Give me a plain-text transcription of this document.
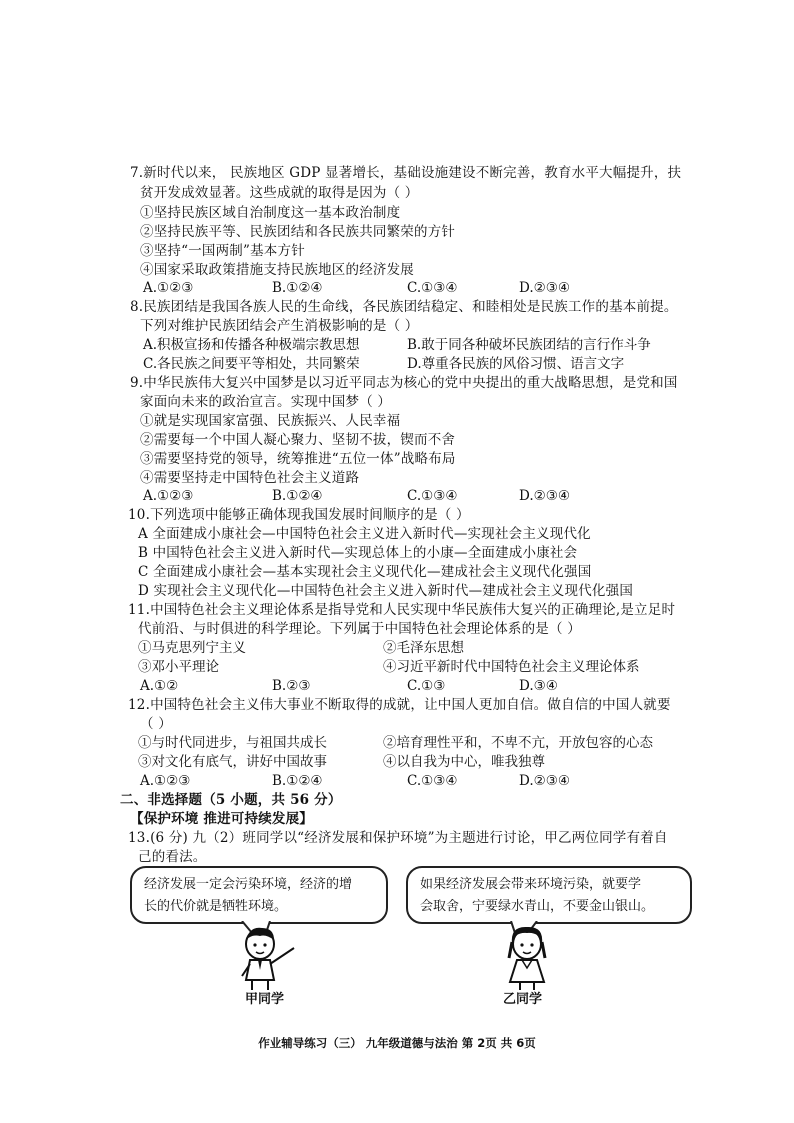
7.新时代以来， 民族地区 GDP 显著增长，基础设施建设不断完善，教育水平大幅提升，扶
贫开发成效显著。这些成就的取得是因为（ ）
①坚持民族区域自治制度这一基本政治制度
②坚持民族平等、民族团结和各民族共同繁荣的方针
③坚持“一国两制”基本方针
④国家采取政策措施支持民族地区的经济发展
A.①②③	B.①②④	C.①③④	D.②③④
8.民族团结是我国各族人民的生命线，各民族团结稳定、和睦相处是民族工作的基本前提。
下列对维护民族团结会产生消极影响的是（ ）
A.积极宣扬和传播各种极端宗教思想	B.敢于同各种破坏民族团结的言行作斗争
C.各民族之间要平等相处，共同繁荣	D.尊重各民族的风俗习惯、语言文字
9.中华民族伟大复兴中国梦是以习近平同志为核心的党中央提出的重大战略思想，是党和国
家面向未来的政治宣言。实现中国梦（ ）
①就是实现国家富强、民族振兴、人民幸福
②需要每一个中国人凝心聚力、坚韧不拔，锲而不舍
③需要坚持党的领导，统筹推进“五位一体”战略布局
④需要坚持走中国特色社会主义道路
A.①②③	B.①②④	C.①③④	D.②③④
10.下列选项中能够正确体现我国发展时间顺序的是（ ）
A 全面建成小康社会—中国特色社会主义进入新时代—实现社会主义现代化
B 中国特色社会主义进入新时代—实现总体上的小康—全面建成小康社会
C 全面建成小康社会—基本实现社会主义现代化—建成社会主义现代化强国
D 实现社会主义现代化—中国特色社会主义进入新时代—建成社会主义现代化强国
11.中国特色社会主义理论体系是指导党和人民实现中华民族伟大复兴的正确理论,是立足时
代前沿、与时俱进的科学理论。下列属于中国特色社会理论体系的是（ ）
①马克思列宁主义	②毛泽东思想
③邓小平理论	④习近平新时代中国特色社会主义理论体系
A.①②	B.②③	C.①③	D.③④
12.中国特色社会主义伟大事业不断取得的成就，让中国人更加自信。做自信的中国人就要
（ ）
①与时代同进步，与祖国共成长	②培育理性平和，不卑不亢，开放包容的心态
③对文化有底气，讲好中国故事	④以自我为中心，唯我独尊
A.①②③	B.①②④	C.①③④	D.②③④
二、非选择题（5 小题，共 56 分）
【保护环境 推进可持续发展】
13.(6 分) 九（2）班同学以“经济发展和保护环境”为主题进行讨论，甲乙两位同学有着自
己的看法。
经济发展一定会污染环境，经济的增
长的代价就是牺牲环境。
如果经济发展会带来环境污染，就要学
会取舍，宁要绿水青山，不要金山银山。
甲同学	乙同学
作业辅导练习（三） 九年级道德与法治 第 2页 共 6页
